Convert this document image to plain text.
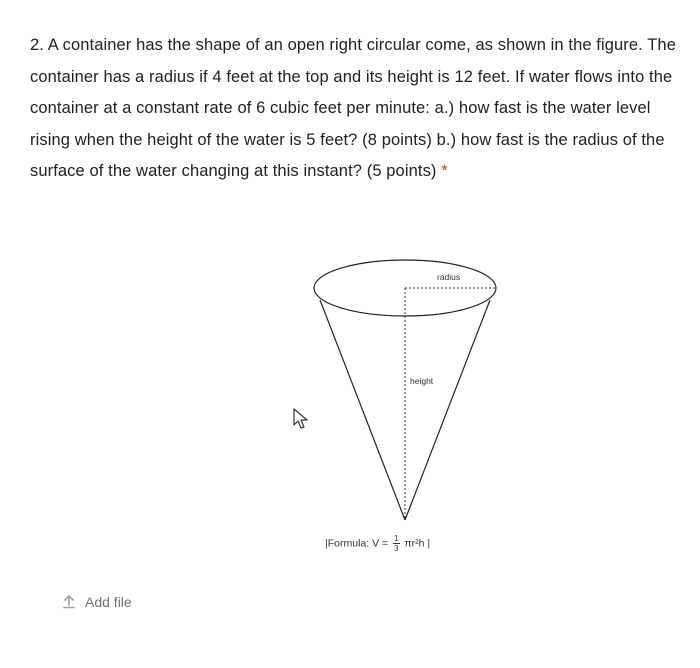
2. A container has the shape of an open right circular come, as shown in the figure. The container has a radius if 4 feet at the top and its height is 12 feet. If water flows into the container at a constant rate of 6 cubic feet per minute: a.) how fast is the water level rising when the height of the water is 5 feet? (8 points) b.) how fast is the radius of the surface of the water changing at this instant? (5 points) *

radius
height
|Formula: $V = \frac{1}{3} \pi r^2h$ |
Add file
